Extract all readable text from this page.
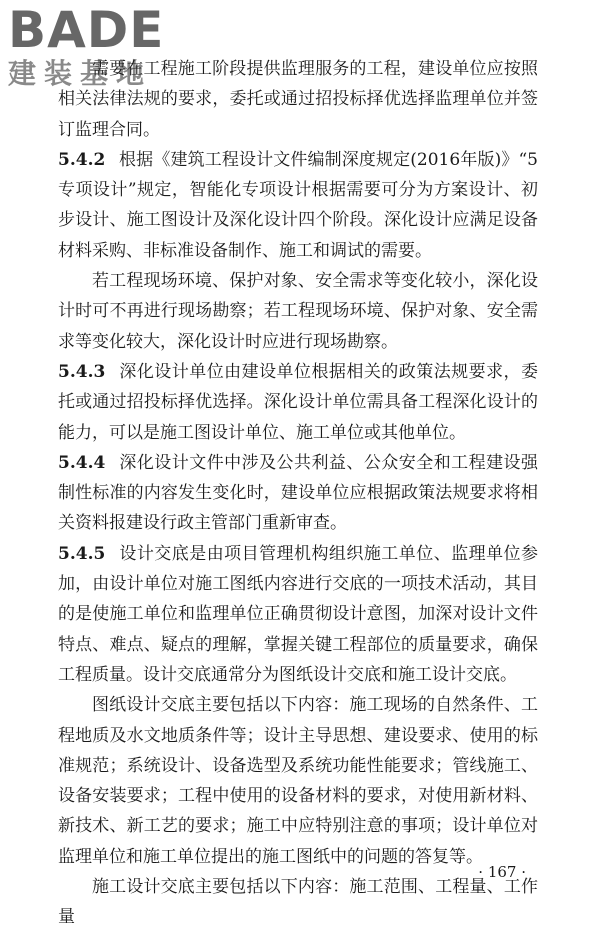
BADE
建装基地

需要在工程施工阶段提供监理服务的工程，建设单位应按照相关法律法规的要求，委托或通过招投标择优选择监理单位并签订监理合同。

5.4.2 根据《建筑工程设计文件编制深度规定(2016年版)》“5　专项设计”规定，智能化专项设计根据需要可分为方案设计、初步设计、施工图设计及深化设计四个阶段。深化设计应满足设备材料采购、非标准设备制作、施工和调试的需要。

若工程现场环境、保护对象、安全需求等变化较小，深化设计时可不再进行现场勘察；若工程现场环境、保护对象、安全需求等变化较大，深化设计时应进行现场勘察。

5.4.3 深化设计单位由建设单位根据相关的政策法规要求，委托或通过招投标择优选择。深化设计单位需具备工程深化设计的能力，可以是施工图设计单位、施工单位或其他单位。

5.4.4 深化设计文件中涉及公共利益、公众安全和工程建设强制性标准的内容发生变化时，建设单位应根据政策法规要求将相关资料报建设行政主管部门重新审查。

5.4.5 设计交底是由项目管理机构组织施工单位、监理单位参加，由设计单位对施工图纸内容进行交底的一项技术活动，其目的是使施工单位和监理单位正确贯彻设计意图，加深对设计文件特点、难点、疑点的理解，掌握关键工程部位的质量要求，确保工程质量。设计交底通常分为图纸设计交底和施工设计交底。

图纸设计交底主要包括以下内容：施工现场的自然条件、工程地质及水文地质条件等；设计主导思想、建设要求、使用的标准规范；系统设计、设备选型及系统功能性能要求；管线施工、设备安装要求；工程中使用的设备材料的要求，对使用新材料、新技术、新工艺的要求；施工中应特别注意的事项；设计单位对监理单位和施工单位提出的施工图纸中的问题的答复等。

施工设计交底主要包括以下内容：施工范围、工程量、工作量

· 167 ·
